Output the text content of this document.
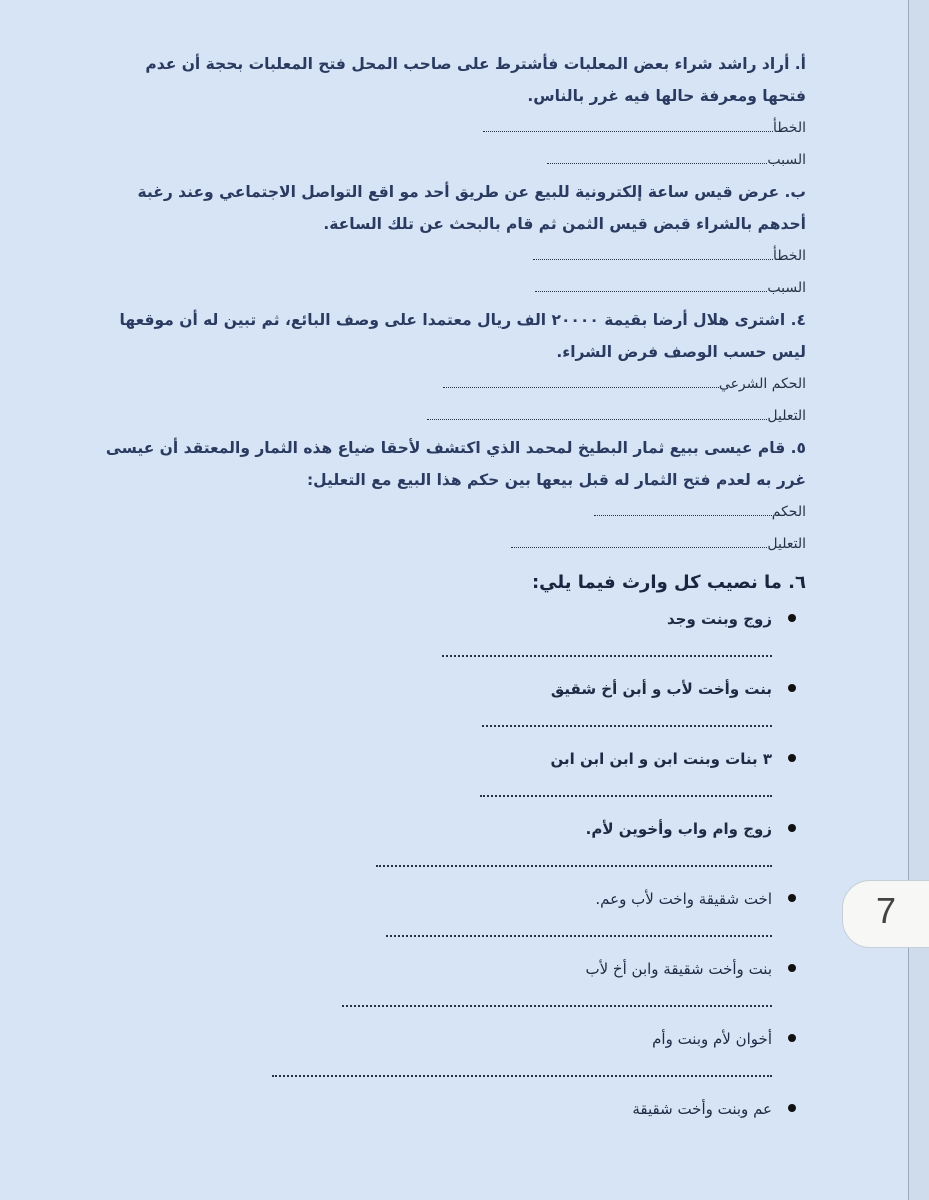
أ. أراد راشد شراء بعض المعلبات فأشترط على صاحب المحل فتح المعلبات بحجة أن عدم فتحها ومعرفة حالها فيه غرر بالناس.
الخطأ
السبب
ب. عرض قيس ساعة إلكترونية للبيع عن طريق أحد مو اقع التواصل الاجتماعي وعند رغبة أحدهم بالشراء قبض قيس الثمن ثم قام بالبحث عن تلك الساعة.
الخطأ
السبب
٤. اشترى هلال أرضا بقيمة ٢٠٠٠٠ الف ريال معتمدا على وصف البائع، ثم تبين له أن موقعها ليس حسب الوصف فرض الشراء.
الحكم الشرعي
التعليل
٥. قام عيسى ببيع ثمار البطيخ لمحمد الذي اكتشف لأحقا ضياع هذه الثمار والمعتقد أن عيسى غرر به لعدم فتح الثمار له قبل بيعها بين حكم هذا البيع مع التعليل:
الحكم
التعليل
٦. ما نصيب كل وارث فيما يلي:
زوج وبنت وجد
بنت وأخت لأب و أبن أخ شقيق
٣ بنات وبنت ابن و ابن ابن ابن
زوج وام واب وأخوين لأم.
اخت شقيقة واخت لأب وعم.
بنت وأخت شقيقة وابن أخ لأب
أخوان لأم وبنت وأم
عم وبنت وأخت شقيقة
7
